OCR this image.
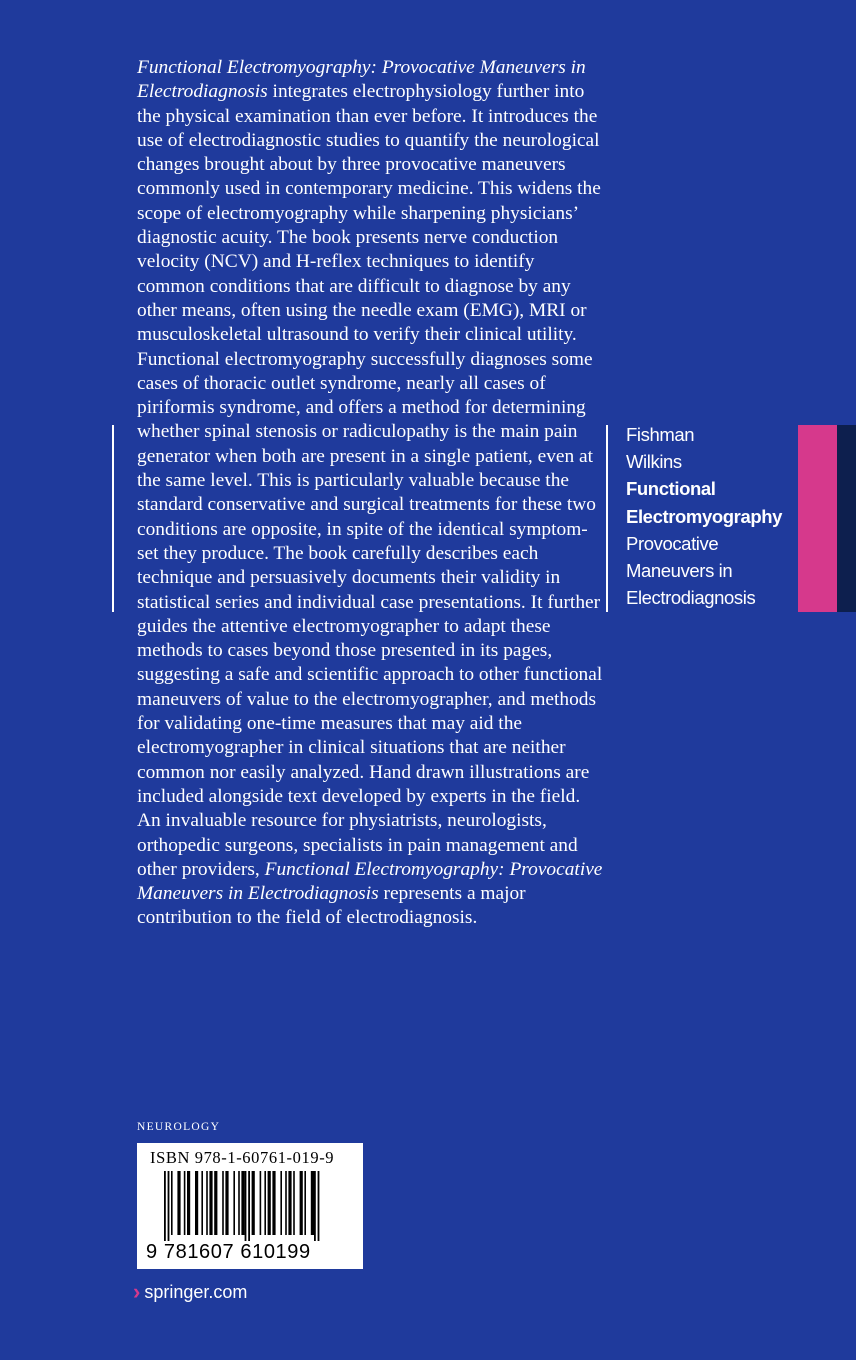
Functional Electromyography: Provocative Maneuvers in Electrodiagnosis integrates electrophysiology further into the physical examination than ever before. It introduces the use of electrodiagnostic studies to quantify the neurological changes brought about by three provocative maneuvers commonly used in contemporary medicine. This widens the scope of electromyography while sharpening physicians’ diagnostic acuity. The book presents nerve conduction velocity (NCV) and H-reflex techniques to identify common conditions that are difficult to diagnose by any other means, often using the needle exam (EMG), MRI or musculoskeletal ultrasound to verify their clinical utility. Functional electromyography successfully diagnoses some cases of thoracic outlet syndrome, nearly all cases of piriformis syndrome, and offers a method for determining whether spinal stenosis or radiculopathy is the main pain generator when both are present in a single patient, even at the same level. This is particularly valuable because the standard conservative and surgical treatments for these two conditions are opposite, in spite of the identical symptom-set they produce. The book carefully describes each technique and persuasively documents their validity in statistical series and individual case presentations. It further guides the attentive electromyographer to adapt these methods to cases beyond those presented in its pages, suggesting a safe and scientific approach to other functional maneuvers of value to the electromyographer, and methods for validating one-time measures that may aid the electromyographer in clinical situations that are neither common nor easily analyzed. Hand drawn illustrations are included alongside text developed by experts in the field. An invaluable resource for physiatrists, neurologists, orthopedic surgeons, specialists in pain management and other providers, Functional Electromyography: Provocative Maneuvers in Electrodiagnosis represents a major contribution to the field of electrodiagnosis.
Fishman
Wilkins
Functional
Electromyography
Provocative
Maneuvers in
Electrodiagnosis
NEUROLOGY
ISBN 978-1-60761-019-9
9 781607 610199
› springer.com
